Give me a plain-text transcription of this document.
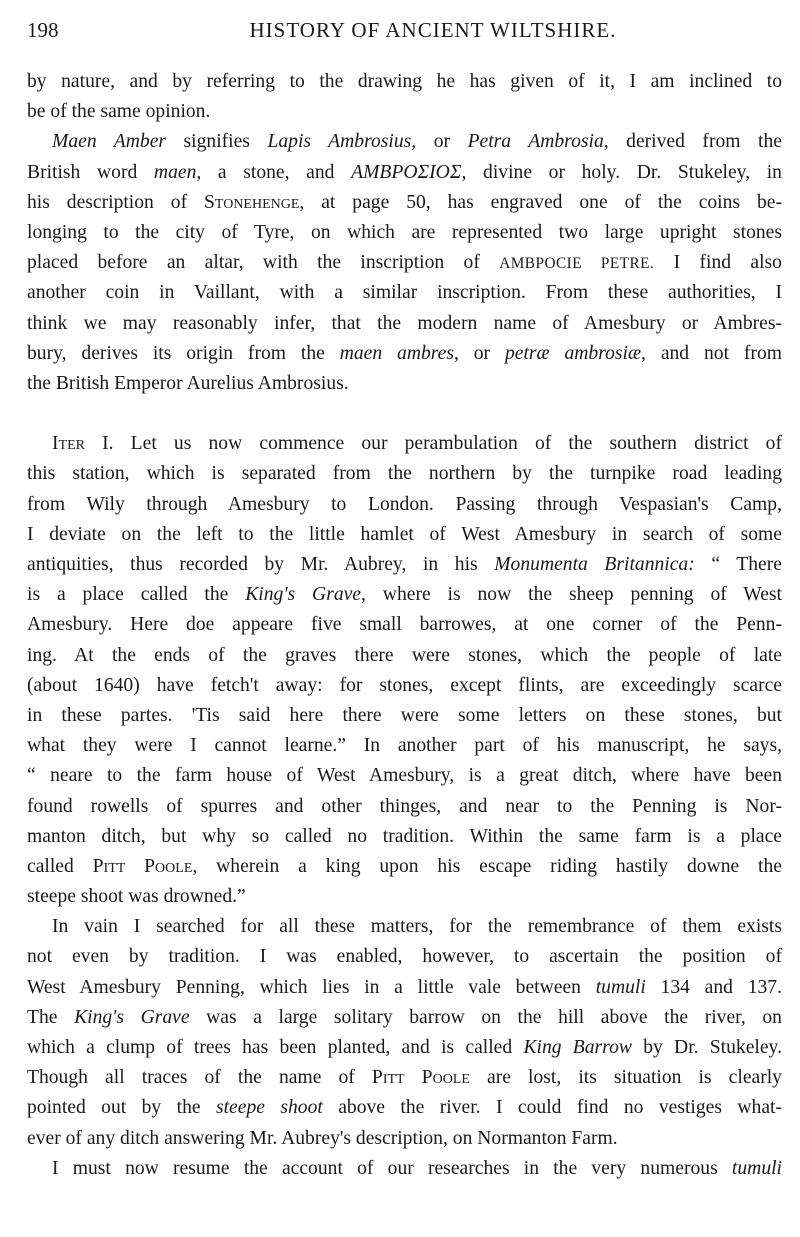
198	HISTORY OF ANCIENT WILTSHIRE.
by nature, and by referring to the drawing he has given of it, I am inclined to
be of the same opinion.
Maen Amber signifies Lapis Ambrosius, or Petra Ambrosia, derived from the
British word maen, a stone, and ΑΜΒΡΟΣΙΟΣ, divine or holy. Dr. Stukeley, in
his description of Stonehenge, at page 50, has engraved one of the coins be-
longing to the city of Tyre, on which are represented two large upright stones
placed before an altar, with the inscription of AMBPOCIE PETRE. I find also
another coin in Vaillant, with a similar inscription. From these authorities, I
think we may reasonably infer, that the modern name of Amesbury or Ambres-
bury, derives its origin from the maen ambres, or petræ ambrosiæ, and not from
the British Emperor Aurelius Ambrosius.
Iter I. Let us now commence our perambulation of the southern district of
this station, which is separated from the northern by the turnpike road leading
from Wily through Amesbury to London. Passing through Vespasian's Camp,
I deviate on the left to the little hamlet of West Amesbury in search of some
antiquities, thus recorded by Mr. Aubrey, in his Monumenta Britannica: “ There
is a place called the King's Grave, where is now the sheep penning of West
Amesbury. Here doe appeare five small barrowes, at one corner of the Penn-
ing. At the ends of the graves there were stones, which the people of late
(about 1640) have fetch't away: for stones, except flints, are exceedingly scarce
in these partes. 'Tis said here there were some letters on these stones, but
what they were I cannot learne.” In another part of his manuscript, he says,
“ neare to the farm house of West Amesbury, is a great ditch, where have been
found rowells of spurres and other thinges, and near to the Penning is Nor-
manton ditch, but why so called no tradition. Within the same farm is a place
called Pitt Poole, wherein a king upon his escape riding hastily downe the
steepe shoot was drowned.”
In vain I searched for all these matters, for the remembrance of them exists
not even by tradition. I was enabled, however, to ascertain the position of
West Amesbury Penning, which lies in a little vale between tumuli 134 and 137.
The King's Grave was a large solitary barrow on the hill above the river, on
which a clump of trees has been planted, and is called King Barrow by Dr. Stukeley.
Though all traces of the name of Pitt Poole are lost, its situation is clearly
pointed out by the steepe shoot above the river. I could find no vestiges what-
ever of any ditch answering Mr. Aubrey's description, on Normanton Farm.
I must now resume the account of our researches in the very numerous tumuli
